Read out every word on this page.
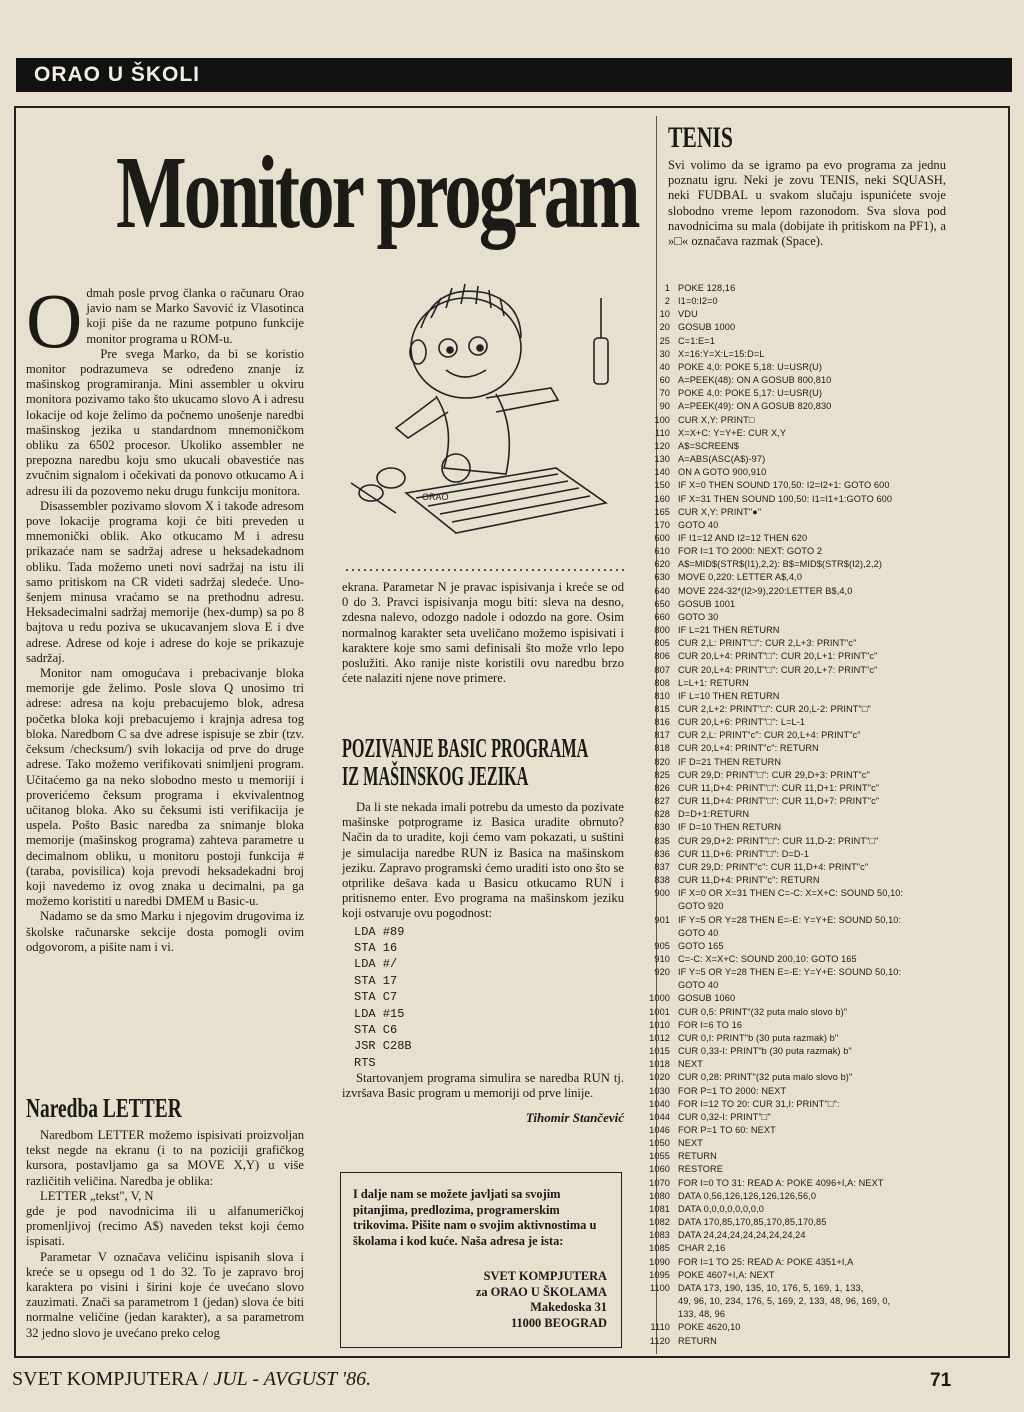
ORAO U ŠKOLI
Monitor program

Odmah posle prvog članka o računaru Orao javio nam se Marko Savović iz Vlasotinca koji piše da ne razume potpuno funkcije monitor programa u ROM-u.

Pre svega Marko, da bi se koristio monitor podrazumeva se određeno znanje iz mašinskog programiranja. Mini assembler u okviru monitora pozivamo tako što ukucamo slovo A i adresu lokacije od koje želimo da počnemo unošenje naredbi mašinskog jezika u standardnom mnemoničkom obliku za 6502 procesor. Ukoliko assembler ne prepozna naredbu koju smo ukucali obavestiće nas zvučnim signalom i očekivati da ponovo otkucamo A i adresu ili da pozovemo neku drugu funkciju monitora.

Disassembler pozivamo slovom X i takođe adresom pove lokacije programa koji će biti preveden u mnemonički oblik. Ako otkucamo M i adresu prikazaće nam se sadržaj adrese u heksadekadnom obliku. Tada možemo uneti novi sadržaj na istu ili samo pritiskom na CR videti sadržaj sledeće. Uno-šenjem minusa vraćamo se na prethodnu adresu. Heksadecimalni sadržaj memorije (hex-dump) sa po 8 bajtova u redu poziva se ukucavanjem slova E i dve adrese. Adrese od koje i adrese do koje se prikazuje sadržaj.

Monitor nam omogućava i prebacivanje bloka memorije gde želimo. Posle slova Q unosimo tri adrese: adresa na koju prebacujemo blok, adresa početka bloka koji prebacujemo i krajnja adresa tog bloka. Naredbom C sa dve adrese ispisuje se zbir (tzv. čeksum /checksum/) svih lokacija od prve do druge adrese. Tako možemo verifikovati snimljeni program. Učitaćemo ga na neko slobodno mesto u memoriji i proverićemo čeksum programa i ekvivalentnog učitanog bloka. Ako su čeksumi isti verifikacija je uspela. Pošto Basic naredba za snimanje bloka memorije (mašinskog programa) zahteva parametre u decimalnom obliku, u monitoru postoji funkcija #(taraba, povisilica) koja prevodi heksadekadni broj koji navedemo iz ovog znaka u decimalni, pa ga možemo koristiti u naredbi DMEM u Basic-u.

Nadamo se da smo Marku i njegovim drugovima iz školske računarske sekcije dosta pomogli ovim odgovorom, a pišite nam i vi.

Naredba LETTER

Naredbom LETTER možemo ispisivati proizvoljan tekst negde na ekranu (i to na poziciji grafičkog kursora, postavljamo ga sa MOVE X,Y) u više različitih veličina. Naredba je oblika:

LETTER „tekst", V, N

gde je pod navodnicima ili u alfanumeričkoj promenljivoj (recimo A$) naveden tekst koji ćemo ispisati.

Parametar V označava veličinu ispisanih slova i kreće se u opsegu od 1 do 32. To je zapravo broj karaktera po visini i širini koje će uvećano slovo zauzimati. Znači sa parametrom 1 (jedan) slova će biti normalne veličine (jedan karakter), a sa parametrom 32 jedno slovo je uvećano preko celog

ORAO

ekrana. Parametar N je pravac ispisivanja i kreće se od 0 do 3. Pravci ispisivanja mogu biti: sleva na desno, zdesna nalevo, odozgo nadole i odozdo na gore. Osim normalnog karakter seta uveličano možemo ispisivati i karaktere koje smo sami definisali što može vrlo lepo poslužiti. Ako ranije niste koristili ovu naredbu brzo ćete nalaziti njene nove primere.

POZIVANJE BASIC PROGRAMA

IZ MAŠINSKOG JEZIKA

Da li ste nekada imali potrebu da umesto da pozivate mašinske potprograme iz Basica uradite obrnuto? Način da to uradite, koji ćemo vam pokazati, u suštini je simulacija naredbe RUN iz Basica na mašinskom jeziku. Zapravo programski ćemo uraditi isto ono što se otprilike dešava kada u Basicu otkucamo RUN i pritisnemo enter. Evo programa na mašinskom jeziku koji ostvaruje ovu pogodnost:

LDA #89
STA 16
LDA #/
STA 17
STA C7
LDA #15
STA C6
JSR C28B
RTS

Startovanjem programa simulira se naredba RUN tj. izvršava Basic program u memoriji od prve linije.

Tihomir Stančević

I dalje nam se možete javljati sa svojim pitanjima, predlozima, programerskim trikovima. Pišite nam o svojim aktivnostima u školama i kod kuće. Naša adresa je ista:

SVET KOMPJUTERA
za ORAO U ŠKOLAMA
Makedoska 31
11000 BEOGRAD

TENIS

Svi volimo da se igramo pa evo programa za jednu poznatu igru. Neki je zovu TENIS, neki SQUASH, neki FUDBAL u svakom slučaju ispunićete svoje slobodno vreme lepom razonodom. Sva slova pod navodnicima su mala (dobijate ih pritiskom na PF1), a »□« označava razmak (Space).

1 POKE 128,16
2 I1=0:I2=0
10 VDU
20 GOSUB 1000
25 C=1:E=1
30 X=16:Y=X:L=15:D=L
40 POKE 4,0: POKE 5,18: U=USR(U)
60 A=PEEK(48): ON A GOSUB 800,810
70 POKE 4,0: POKE 5,17: U=USR(U)
90 A=PEEK(49): ON A GOSUB 820,830
100 CUR X,Y: PRINT□
110 X=X+C: Y=Y+E: CUR X,Y
120 A$=SCREEN$
130 A=ABS(ASC(A$)-97)
140 ON A GOTO 900,910
150 IF X=0 THEN SOUND 170,50: I2=I2+1: GOTO 600
160 IF X=31 THEN SOUND 100,50: I1=I1+1:GOTO 600
165 CUR X,Y: PRINT"●"
170 GOTO 40
600 IF I1=12 AND I2=12 THEN 620
610 FOR I=1 TO 2000: NEXT: GOTO 2
620 A$=MID$(STR$(I1),2,2): B$=MID$(STR$(I2),2,2)
630 MOVE 0,220: LETTER A$,4,0
640 MOVE 224-32*(I2>9),220:LETTER B$,4,0
650 GOSUB 1001
660 GOTO 30
800 IF L=21 THEN RETURN
805 CUR 2,L: PRINT"□": CUR 2,L+3: PRINT"c"
806 CUR 20,L+4: PRINT"□": CUR 20,L+1: PRINT"c"
807 CUR 20,L+4: PRINT"□": CUR 20,L+7: PRINT"c"
808 L=L+1: RETURN
810 IF L=10 THEN RETURN
815 CUR 2,L+2: PRINT"□": CUR 20,L-2: PRINT"□"
816 CUR 20,L+6: PRINT"□": L=L-1
817 CUR 2,L: PRINT"c": CUR 20,L+4: PRINT"c"
818 CUR 20,L+4: PRINT"c": RETURN
820 IF D=21 THEN RETURN
825 CUR 29,D: PRINT"□": CUR 29,D+3: PRINT"c"
826 CUR 11,D+4: PRINT"□": CUR 11,D+1: PRINT"c"
827 CUR 11,D+4: PRINT"□": CUR 11,D+7: PRINT"c"
828 D=D+1:RETURN
830 IF D=10 THEN RETURN
835 CUR 29,D+2: PRINT"□": CUR 11,D-2: PRINT"□"
836 CUR 11,D+6: PRINT"□": D=D-1
837 CUR 29,D: PRINT"c": CUR 11,D+4: PRINT"c"
838 CUR 11,D+4: PRINT"c": RETURN
900 IF X=0 OR X=31 THEN C=-C: X=X+C: SOUND 50,10:
GOTO 920
901 IF Y=5 OR Y=28 THEN E=-E: Y=Y+E: SOUND 50,10:
GOTO 40
905 GOTO 165
910 C=-C: X=X+C: SOUND 200,10: GOTO 165
920 IF Y=5 OR Y=28 THEN E=-E: Y=Y+E: SOUND 50,10:
GOTO 40
1000 GOSUB 1060
1001 CUR 0,5: PRINT"(32 puta malo slovo b)"
1010 FOR I=6 TO 16
1012 CUR 0,I: PRINT"b (30 puta razmak) b"
1015 CUR 0,33-I: PRINT"b (30 puta razmak) b"
1018 NEXT
1020 CUR 0,28: PRINT"(32 puta malo slovo b)"
1030 FOR P=1 TO 2000: NEXT
1040 FOR I=12 TO 20: CUR 31,I: PRINT"□":
1044 CUR 0,32-I: PRINT"□"
1046 FOR P=1 TO 60: NEXT
1050 NEXT
1055 RETURN
1060 RESTORE
1070 FOR I=0 TO 31: READ A: POKE 4096+I,A: NEXT
1080 DATA 0,56,126,126,126,126,56,0
1081 DATA 0,0,0,0,0,0,0,0
1082 DATA 170,85,170,85,170,85,170,85
1083 DATA 24,24,24,24,24,24,24,24
1085 CHAR 2,16
1090 FOR I=1 TO 25: READ A: POKE 4351+I,A
1095 POKE 4607+I,A: NEXT
1100 DATA 173, 190, 135, 10, 176, 5, 169, 1, 133,
49, 96, 10, 234, 176, 5, 169, 2, 133, 48, 96, 169, 0,
133, 48, 96
1110 POKE 4620,10
1120 RETURN
SVET KOMPJUTERA / JUL - AVGUST '86.	71
